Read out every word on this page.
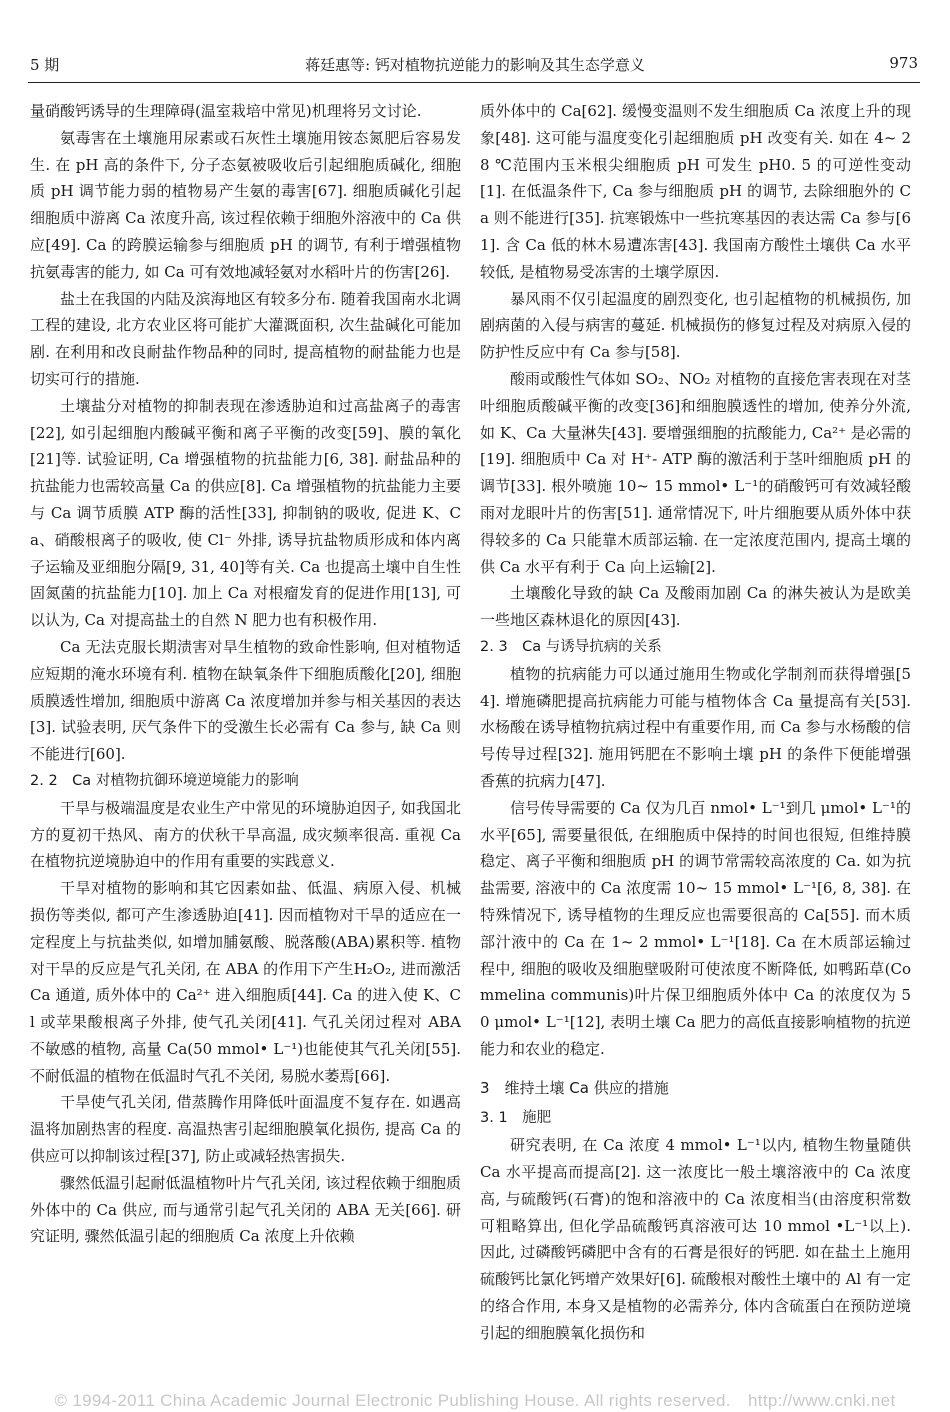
5 期	蒋廷惠等: 钙对植物抗逆能力的影响及其生态学意义	973

量硝酸钙诱导的生理障碍(温室栽培中常见)机理将另文讨论.

氨毒害在土壤施用尿素或石灰性土壤施用铵态氮肥后容易发生. 在 pH 高的条件下, 分子态氨被吸收后引起细胞质碱化, 细胞质 pH 调节能力弱的植物易产生氨的毒害[67]. 细胞质碱化引起细胞质中游离 Ca 浓度升高, 该过程依赖于细胞外溶液中的 Ca 供应[49]. Ca 的跨膜运输参与细胞质 pH 的调节, 有利于增强植物抗氨毒害的能力, 如 Ca 可有效地减轻氨对水稻叶片的伤害[26].

盐土在我国的内陆及滨海地区有较多分布. 随着我国南水北调工程的建设, 北方农业区将可能扩大灌溉面积, 次生盐碱化可能加剧. 在利用和改良耐盐作物品种的同时, 提高植物的耐盐能力也是切实可行的措施.

土壤盐分对植物的抑制表现在渗透胁迫和过高盐离子的毒害[22], 如引起细胞内酸碱平衡和离子平衡的改变[59]、膜的氧化[21]等. 试验证明, Ca 增强植物的抗盐能力[6, 38]. 耐盐品种的抗盐能力也需较高量 Ca 的供应[8]. Ca 增强植物的抗盐能力主要与 Ca 调节质膜 ATP 酶的活性[33], 抑制钠的吸收, 促进 K、Ca、硝酸根离子的吸收, 使 Cl⁻ 外排, 诱导抗盐物质形成和体内离子运输及亚细胞分隔[9, 31, 40]等有关. Ca 也提高土壤中自生性固氮菌的抗盐能力[10]. 加上 Ca 对根瘤发育的促进作用[13], 可以认为, Ca 对提高盐土的自然 N 肥力也有积极作用.

Ca 无法克服长期渍害对旱生植物的致命性影响, 但对植物适应短期的淹水环境有利. 植物在缺氧条件下细胞质酸化[20], 细胞质膜透性增加, 细胞质中游离 Ca 浓度增加并参与相关基因的表达[3]. 试验表明, 厌气条件下的受激生长必需有 Ca 参与, 缺 Ca 则不能进行[60].

2. 2　Ca 对植物抗御环境逆境能力的影响

干旱与极端温度是农业生产中常见的环境胁迫因子, 如我国北方的夏初干热风、南方的伏秋干旱高温, 成灾频率很高. 重视 Ca 在植物抗逆境胁迫中的作用有重要的实践意义.

干旱对植物的影响和其它因素如盐、低温、病原入侵、机械损伤等类似, 都可产生渗透胁迫[41]. 因而植物对干旱的适应在一定程度上与抗盐类似, 如增加脯氨酸、脱落酸(ABA)累积等. 植物对干旱的反应是气孔关闭, 在 ABA 的作用下产生H₂O₂, 进而激活 Ca 通道, 质外体中的 Ca²⁺ 进入细胞质[44]. Ca 的进入使 K、Cl 或苹果酸根离子外排, 使气孔关闭[41]. 气孔关闭过程对 ABA 不敏感的植物, 高量 Ca(50 mmol• L⁻¹)也能使其气孔关闭[55]. 不耐低温的植物在低温时气孔不关闭, 易脱水萎焉[66].

干旱使气孔关闭, 借蒸腾作用降低叶面温度不复存在. 如遇高温将加剧热害的程度. 高温热害引起细胞膜氧化损伤, 提高 Ca 的供应可以抑制该过程[37], 防止或减轻热害损失.

骤然低温引起耐低温植物叶片气孔关闭, 该过程依赖于细胞质外体中的 Ca 供应, 而与通常引起气孔关闭的 ABA 无关[66]. 研究证明, 骤然低温引起的细胞质 Ca 浓度上升依赖

质外体中的 Ca[62]. 缓慢变温则不发生细胞质 Ca 浓度上升的现象[48]. 这可能与温度变化引起细胞质 pH 改变有关. 如在 4~ 28 ℃范围内玉米根尖细胞质 pH 可发生 pH0. 5 的可逆性变动[1]. 在低温条件下, Ca 参与细胞质 pH 的调节, 去除细胞外的 Ca 则不能进行[35]. 抗寒锻炼中一些抗寒基因的表达需 Ca 参与[61]. 含 Ca 低的林木易遭冻害[43]. 我国南方酸性土壤供 Ca 水平较低, 是植物易受冻害的土壤学原因.

暴风雨不仅引起温度的剧烈变化, 也引起植物的机械损伤, 加剧病菌的入侵与病害的蔓延. 机械损伤的修复过程及对病原入侵的防护性反应中有 Ca 参与[58].

酸雨或酸性气体如 SO₂、NO₂ 对植物的直接危害表现在对茎叶细胞质酸碱平衡的改变[36]和细胞膜透性的增加, 使养分外流, 如 K、Ca 大量淋失[43]. 要增强细胞的抗酸能力, Ca²⁺ 是必需的[19]. 细胞质中 Ca 对 H⁺- ATP 酶的激活利于茎叶细胞质 pH 的调节[33]. 根外喷施 10~ 15 mmol• L⁻¹的硝酸钙可有效减轻酸雨对龙眼叶片的伤害[51]. 通常情况下, 叶片细胞要从质外体中获得较多的 Ca 只能靠木质部运输. 在一定浓度范围内, 提高土壤的供 Ca 水平有利于 Ca 向上运输[2].

土壤酸化导致的缺 Ca 及酸雨加剧 Ca 的淋失被认为是欧美一些地区森林退化的原因[43].

2. 3　Ca 与诱导抗病的关系

植物的抗病能力可以通过施用生物或化学制剂而获得增强[54]. 增施磷肥提高抗病能力可能与植物体含 Ca 量提高有关[53]. 水杨酸在诱导植物抗病过程中有重要作用, 而 Ca 参与水杨酸的信号传导过程[32]. 施用钙肥在不影响土壤 pH 的条件下便能增强香蕉的抗病力[47].

信号传导需要的 Ca 仅为几百 nmol• L⁻¹到几 μmol• L⁻¹的水平[65], 需要量很低, 在细胞质中保持的时间也很短, 但维持膜稳定、离子平衡和细胞质 pH 的调节常需较高浓度的 Ca. 如为抗盐需要, 溶液中的 Ca 浓度需 10~ 15 mmol• L⁻¹[6, 8, 38]. 在特殊情况下, 诱导植物的生理反应也需要很高的 Ca[55]. 而木质部汁液中的 Ca 在 1~ 2 mmol• L⁻¹[18]. Ca 在木质部运输过程中, 细胞的吸收及细胞壁吸附可使浓度不断降低, 如鸭跖草(Commelina communis)叶片保卫细胞质外体中 Ca 的浓度仅为 50 μmol• L⁻¹[12], 表明土壤 Ca 肥力的高低直接影响植物的抗逆能力和农业的稳定.

3　维持土壤 Ca 供应的措施
3. 1　施肥

研究表明, 在 Ca 浓度 4 mmol• L⁻¹以内, 植物生物量随供 Ca 水平提高而提高[2]. 这一浓度比一般土壤溶液中的 Ca 浓度高, 与硫酸钙(石膏)的饱和溶液中的 Ca 浓度相当(由溶度积常数可粗略算出, 但化学品硫酸钙真溶液可达 10 mmol •L⁻¹以上). 因此, 过磷酸钙磷肥中含有的石膏是很好的钙肥. 如在盐土上施用硫酸钙比氯化钙增产效果好[6]. 硫酸根对酸性土壤中的 Al 有一定的络合作用, 本身又是植物的必需养分, 体内含硫蛋白在预防逆境引起的细胞膜氧化损伤和

© 1994-2011 China Academic Journal Electronic Publishing House. All rights reserved.　http://www.cnki.net
